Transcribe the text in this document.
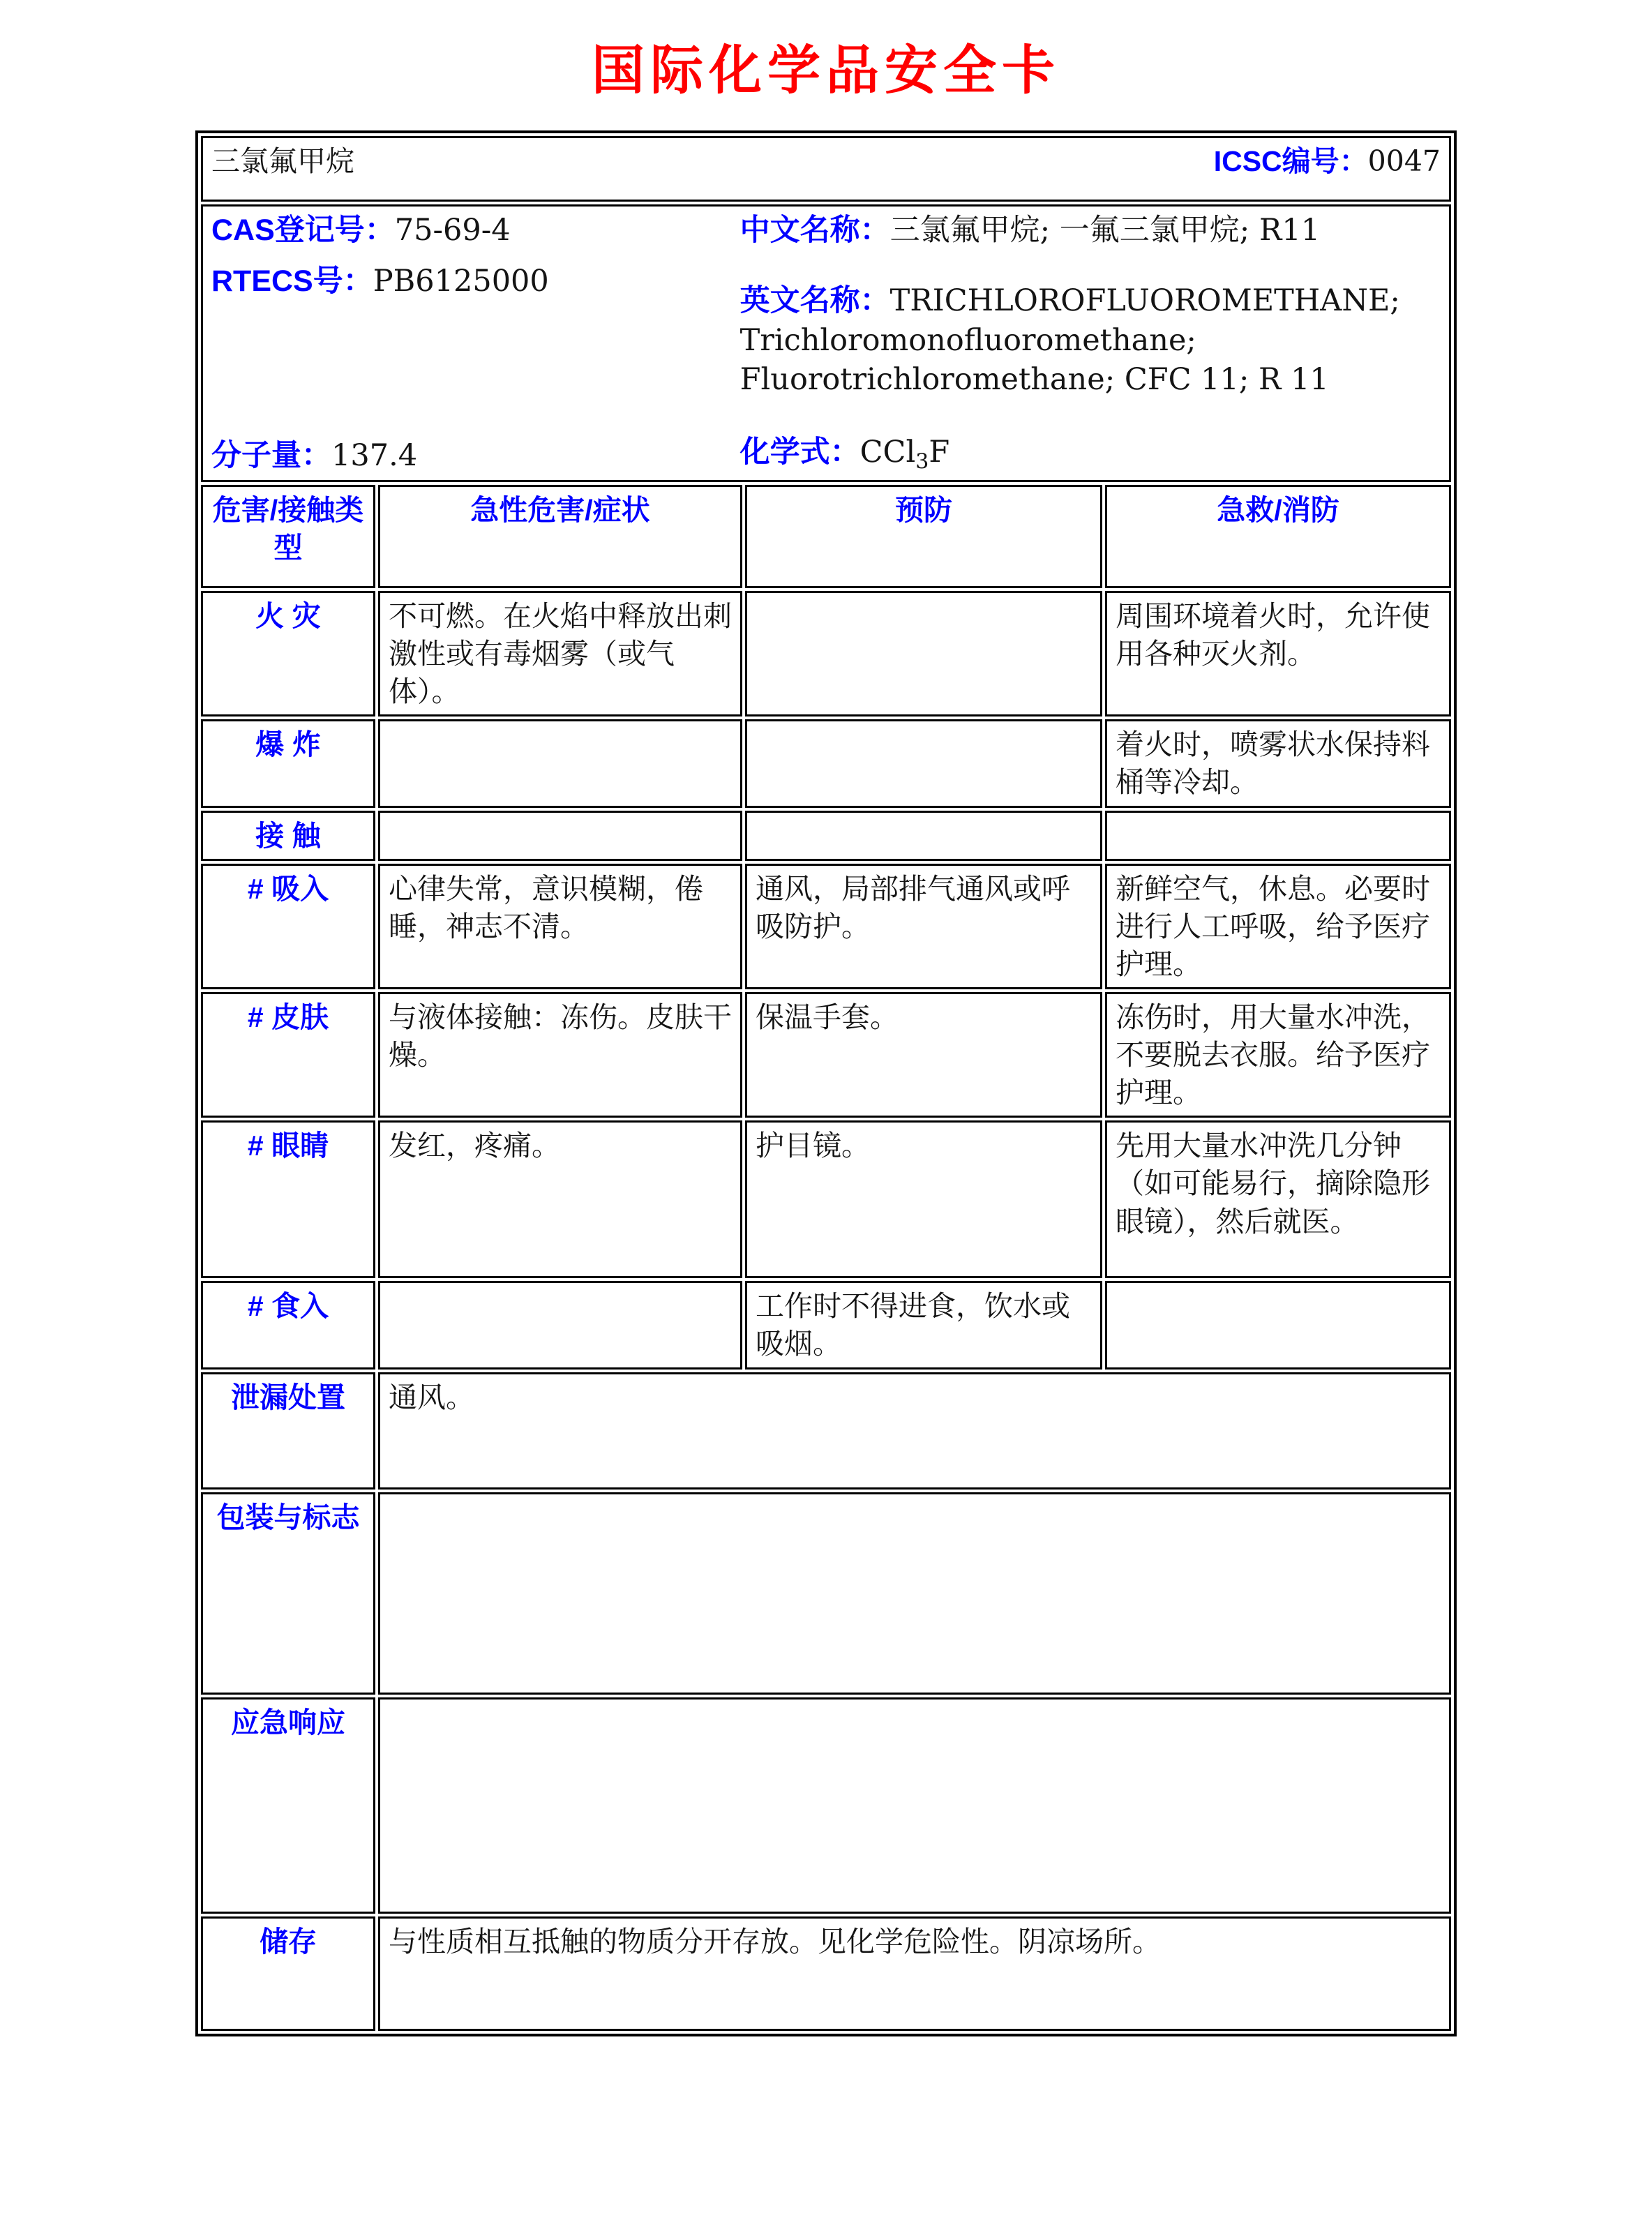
国际化学品安全卡
三氯氟甲烷 ICSC编号：0047			

CAS登记号：75-69-4
RTECS号：PB6125000
分子量：137.4
中文名称：三氯氟甲烷; 一氟三氯甲烷; R11
英文名称：TRICHLOROFLUOROMETHANE;
Trichloromonofluoromethane;
Fluorotrichloromethane; CFC 11; R 11
化学式：CCl$_3$F

危害/接触类型	急性危害/症状	预防	急救/消防
火 灾	不可燃。在火焰中释放出刺激性或有毒烟雾（或气体）。		周围环境着火时，允许使用各种灭火剂。
爆 炸			着火时，喷雾状水保持料桶等冷却。
接 触			
# 吸入	心律失常，意识模糊，倦睡，神志不清。	通风，局部排气通风或呼吸防护。	新鲜空气，休息。必要时进行人工呼吸，给予医疗护理。
# 皮肤	与液体接触：冻伤。皮肤干燥。	保温手套。	冻伤时，用大量水冲洗，不要脱去衣服。给予医疗护理。
# 眼睛	发红，疼痛。	护目镜。	先用大量水冲洗几分钟（如可能易行，摘除隐形眼镜），然后就医。
# 食入		工作时不得进食，饮水或吸烟。	
泄漏处置	通风。		
包装与标志			
应急响应			
储存	与性质相互抵触的物质分开存放。见化学危险性。阴凉场所。		
